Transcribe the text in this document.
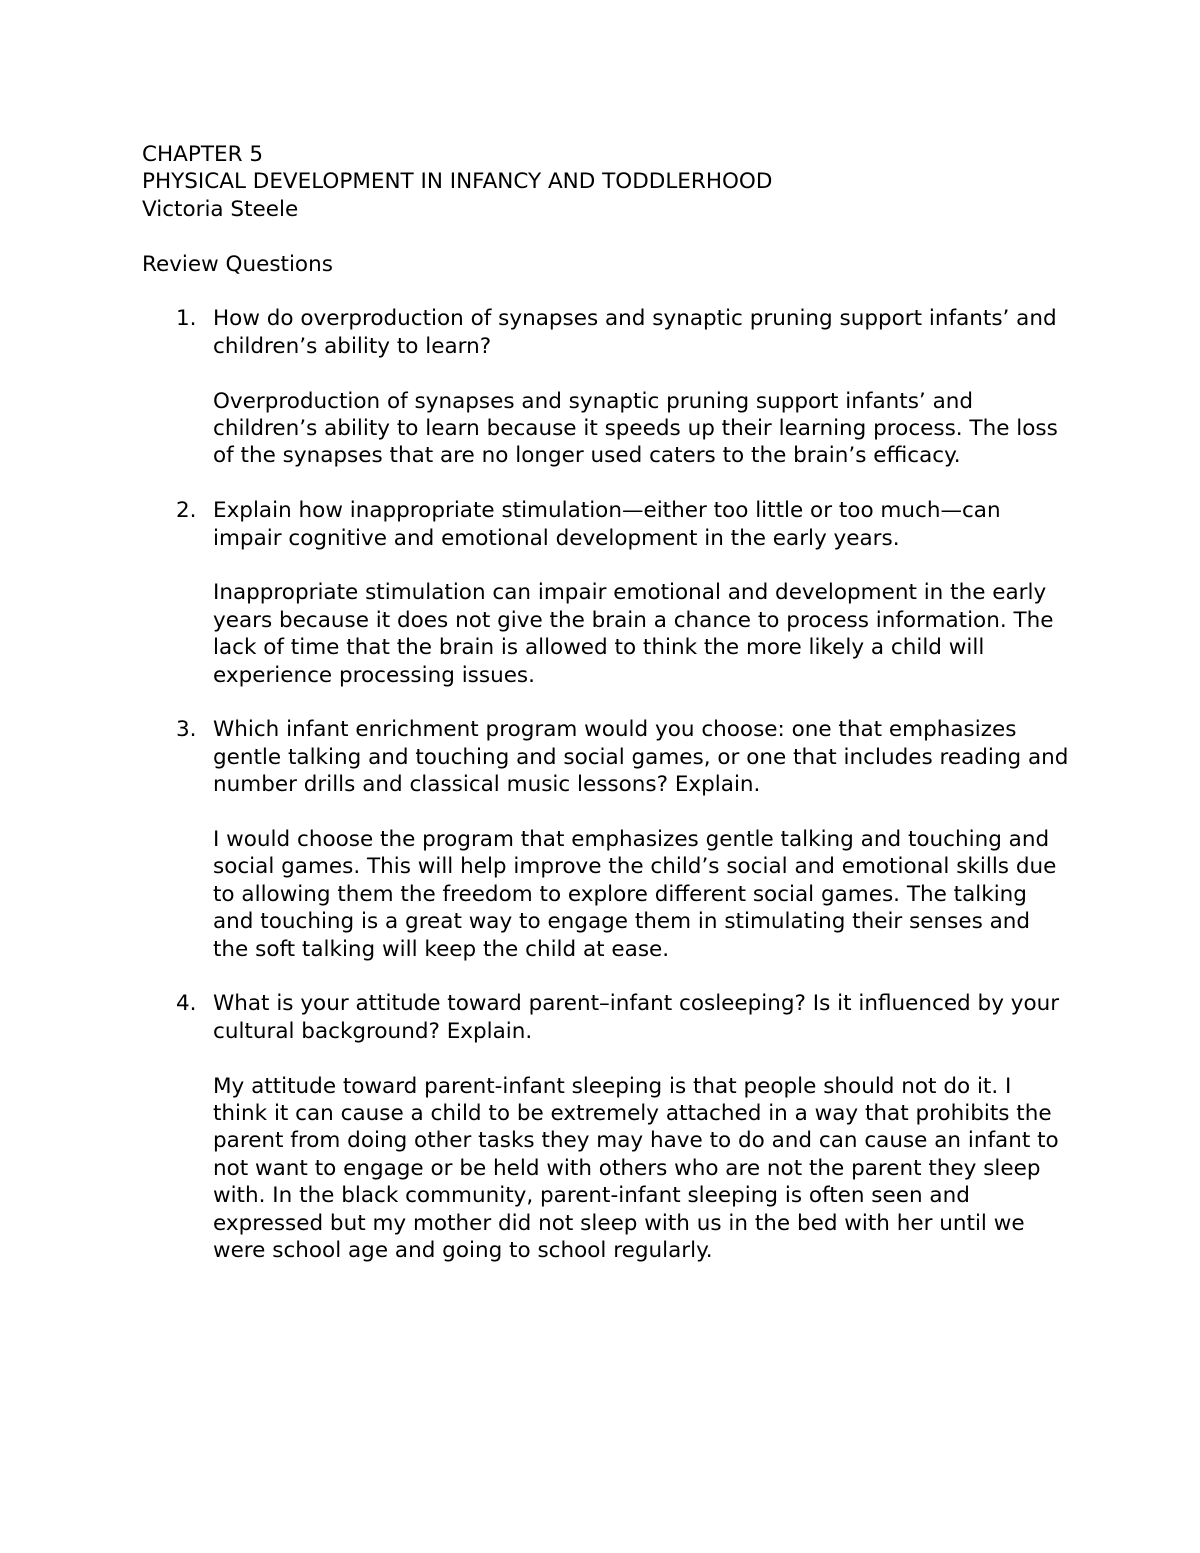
CHAPTER 5
PHYSICAL DEVELOPMENT IN INFANCY AND TODDLERHOOD
Victoria Steele
Review Questions
1. How do overproduction of synapses and synaptic pruning support infants’ and children’s ability to learn?
Overproduction of synapses and synaptic pruning support infants’ and children’s ability to learn because it speeds up their learning process. The loss of the synapses that are no longer used caters to the brain’s efficacy.
2. Explain how inappropriate stimulation—either too little or too much—can impair cognitive and emotional development in the early years.
Inappropriate stimulation can impair emotional and development in the early years because it does not give the brain a chance to process information. The lack of time that the brain is allowed to think the more likely a child will experience processing issues.
3. Which infant enrichment program would you choose: one that emphasizes gentle talking and touching and social games, or one that includes reading and number drills and classical music lessons? Explain.
I would choose the program that emphasizes gentle talking and touching and social games. This will help improve the child’s social and emotional skills due to allowing them the freedom to explore different social games. The talking and touching is a great way to engage them in stimulating their senses and the soft talking will keep the child at ease.
4. What is your attitude toward parent–infant cosleeping? Is it influenced by your cultural background? Explain.
My attitude toward parent-infant sleeping is that people should not do it. I think it can cause a child to be extremely attached in a way that prohibits the parent from doing other tasks they may have to do and can cause an infant to not want to engage or be held with others who are not the parent they sleep with. In the black community, parent-infant sleeping is often seen and expressed but my mother did not sleep with us in the bed with her until we were school age and going to school regularly.
